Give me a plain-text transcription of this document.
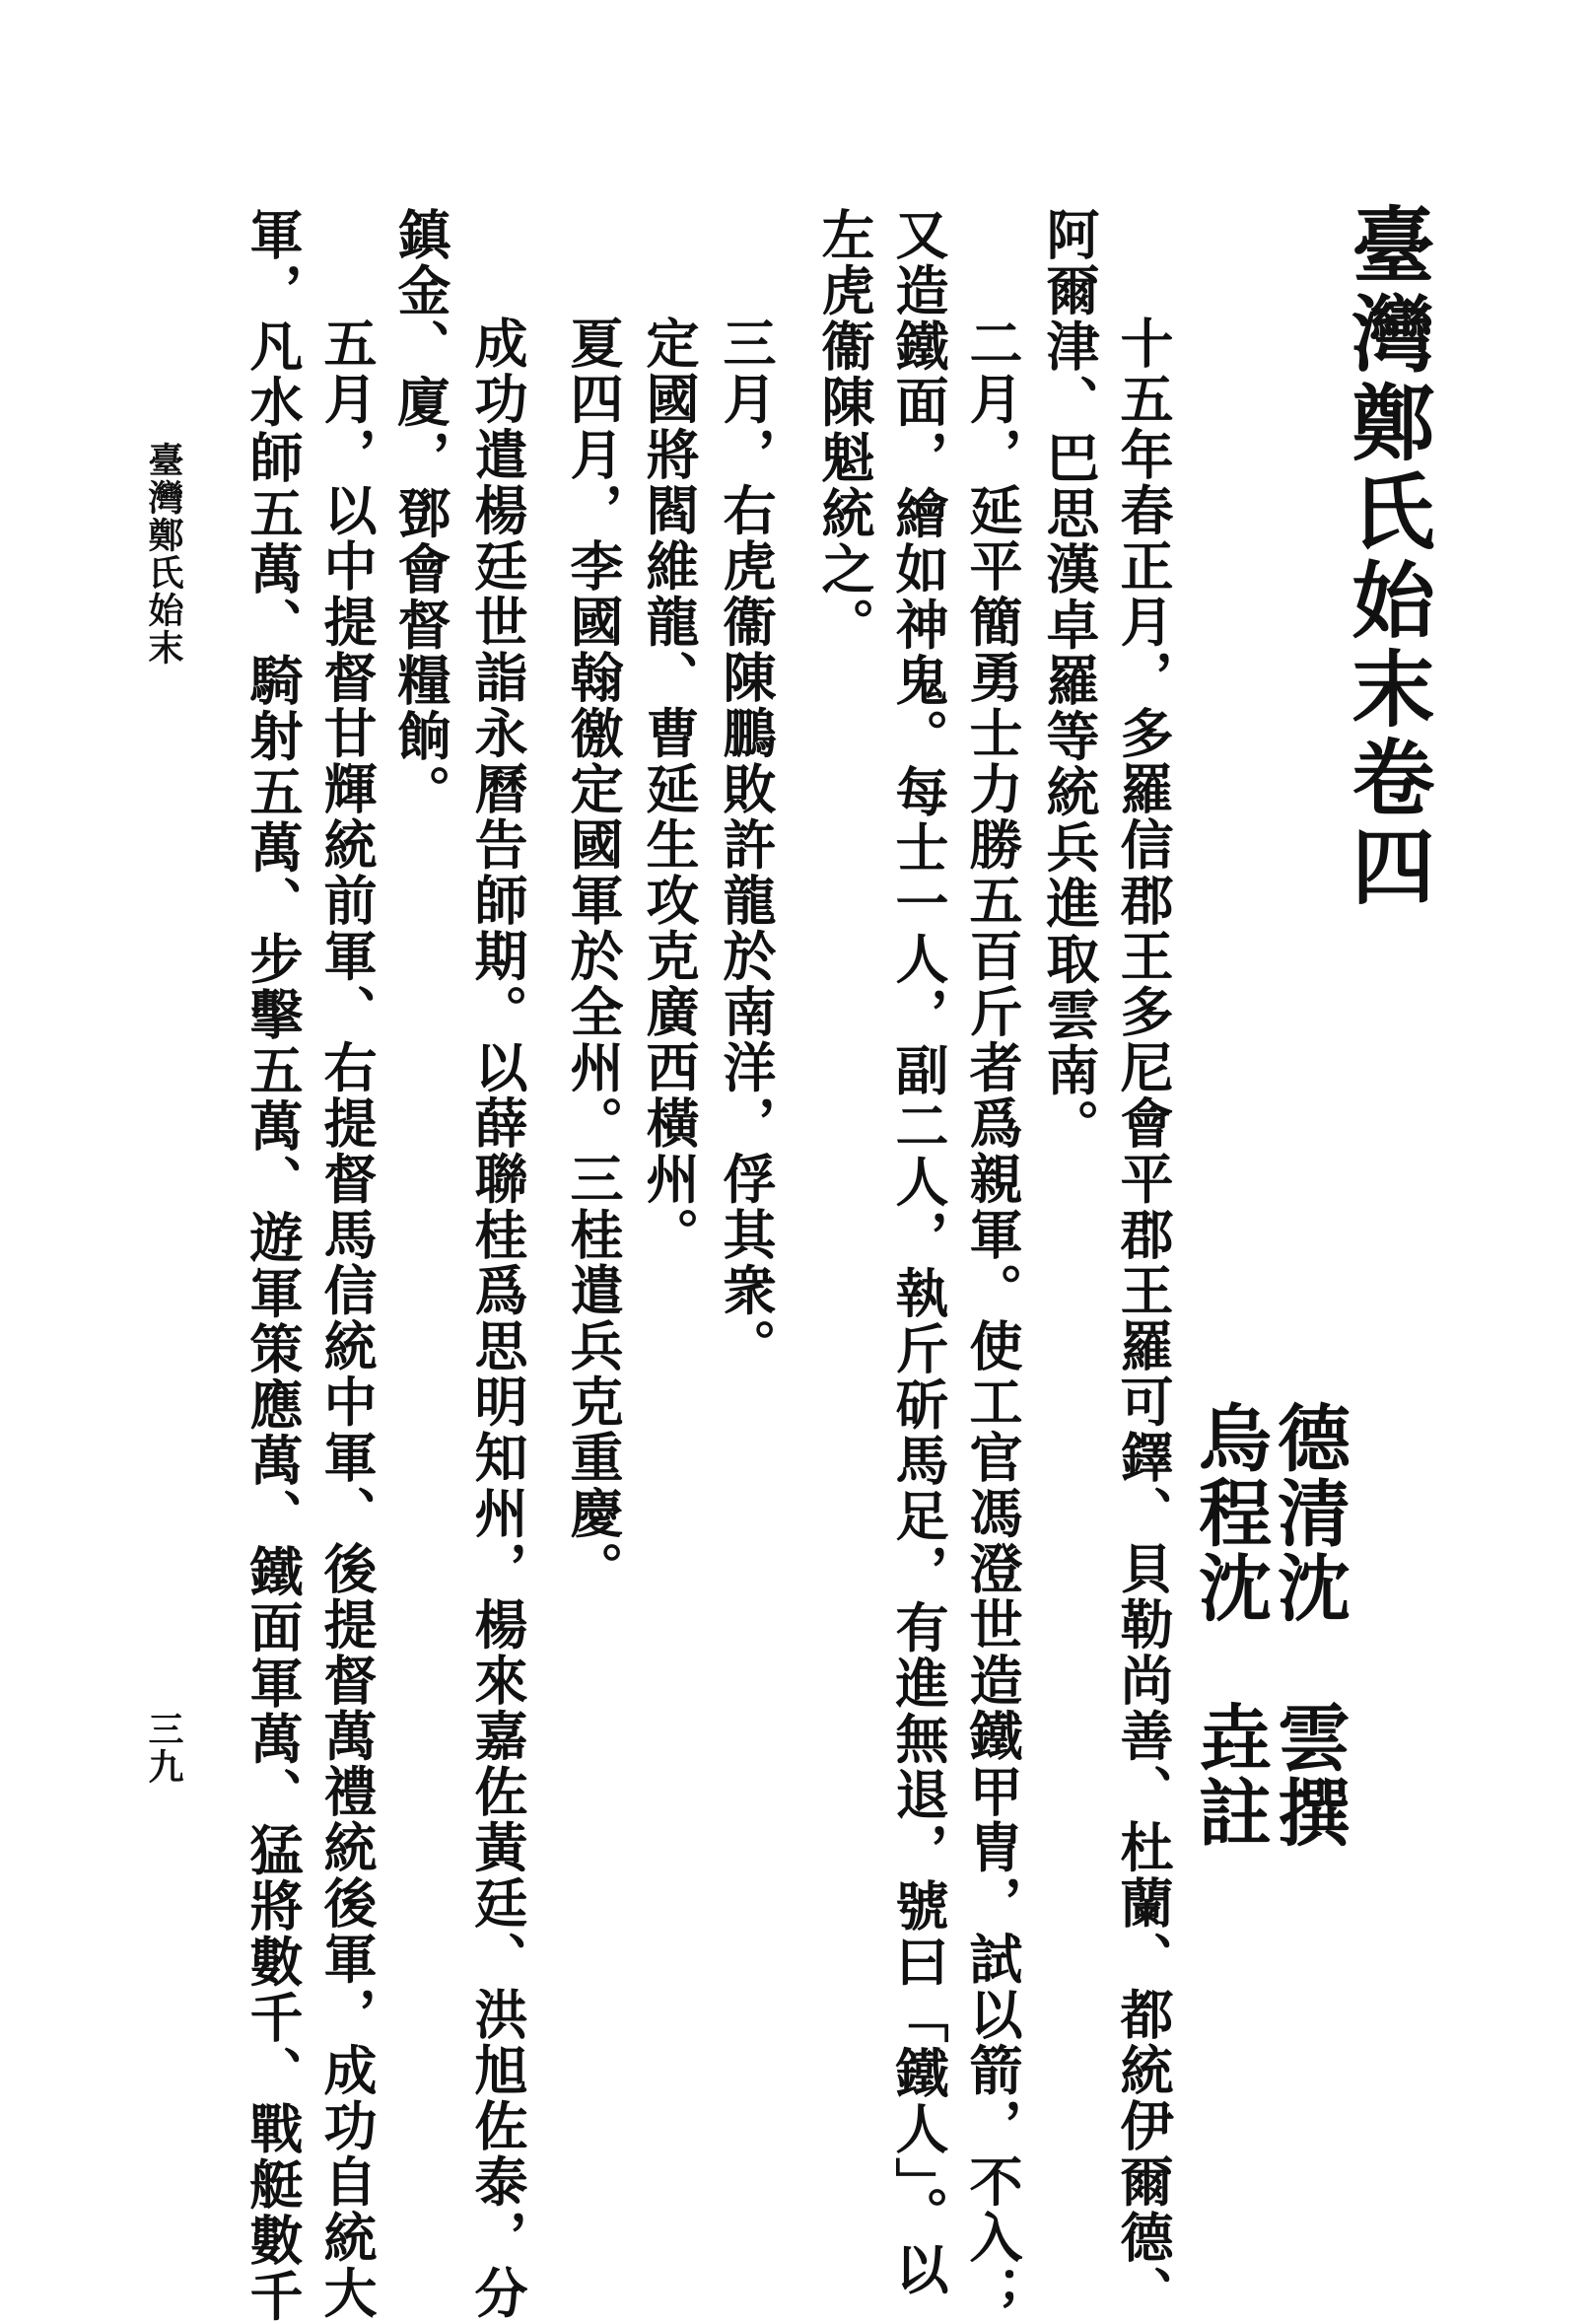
臺灣鄭氏始末卷四
德清沈　雲撰
烏程沈　垚註
十五年春正月，多羅信郡王多尼會平郡王羅可鐸、貝勒尚善、杜蘭、都統伊爾德、
阿爾津、巴思漢卓羅等統兵進取雲南。
二月，延平簡勇士力勝五百斤者爲親軍。使工官馮澄世造鐵甲胄，試以箭，不入；
又造鐵面，繪如神鬼。每士一人，副二人，執斤斫馬足，有進無退，號曰「鐵人」。以
左虎衞陳魁統之。
三月，右虎衞陳鵬敗許龍於南洋，俘其衆。
定國將閻維龍、曹延生攻克廣西橫州。
夏四月，李國翰徼定國軍於全州。三桂遣兵克重慶。
成功遣楊廷世詣永曆告師期。以薛聯桂爲思明知州，楊來嘉佐黃廷、洪旭佐泰，分
鎮金、廈，鄧會督糧餉。
五月，以中提督甘輝統前軍、右提督馬信統中軍、後提督萬禮統後軍，成功自統大
軍，凡水師五萬、騎射五萬、步擊五萬、遊軍策應萬、鐵面軍萬、猛將數千、戰艇數千
臺灣鄭氏始末
三九
